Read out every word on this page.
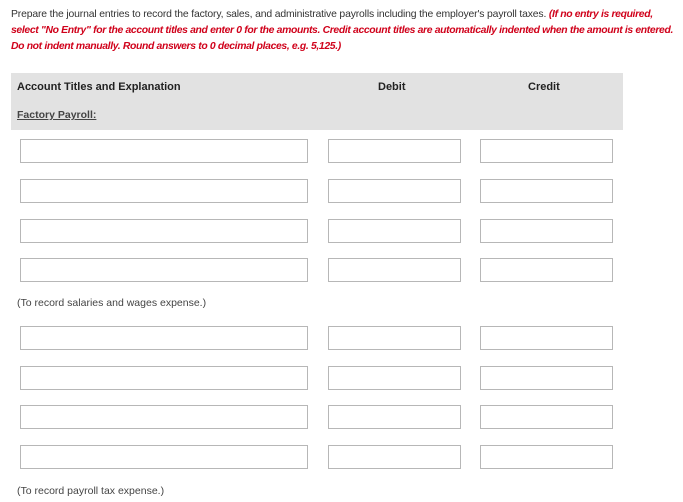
Prepare the journal entries to record the factory, sales, and administrative payrolls including the employer's payroll taxes. (If no entry is required, select "No Entry" for the account titles and enter 0 for the amounts. Credit account titles are automatically indented when the amount is entered. Do not indent manually. Round answers to 0 decimal places, e.g. 5,125.)
Account Titles and Explanation	Debit	Credit
Factory Payroll:
(To record salaries and wages expense.)
(To record payroll tax expense.)
